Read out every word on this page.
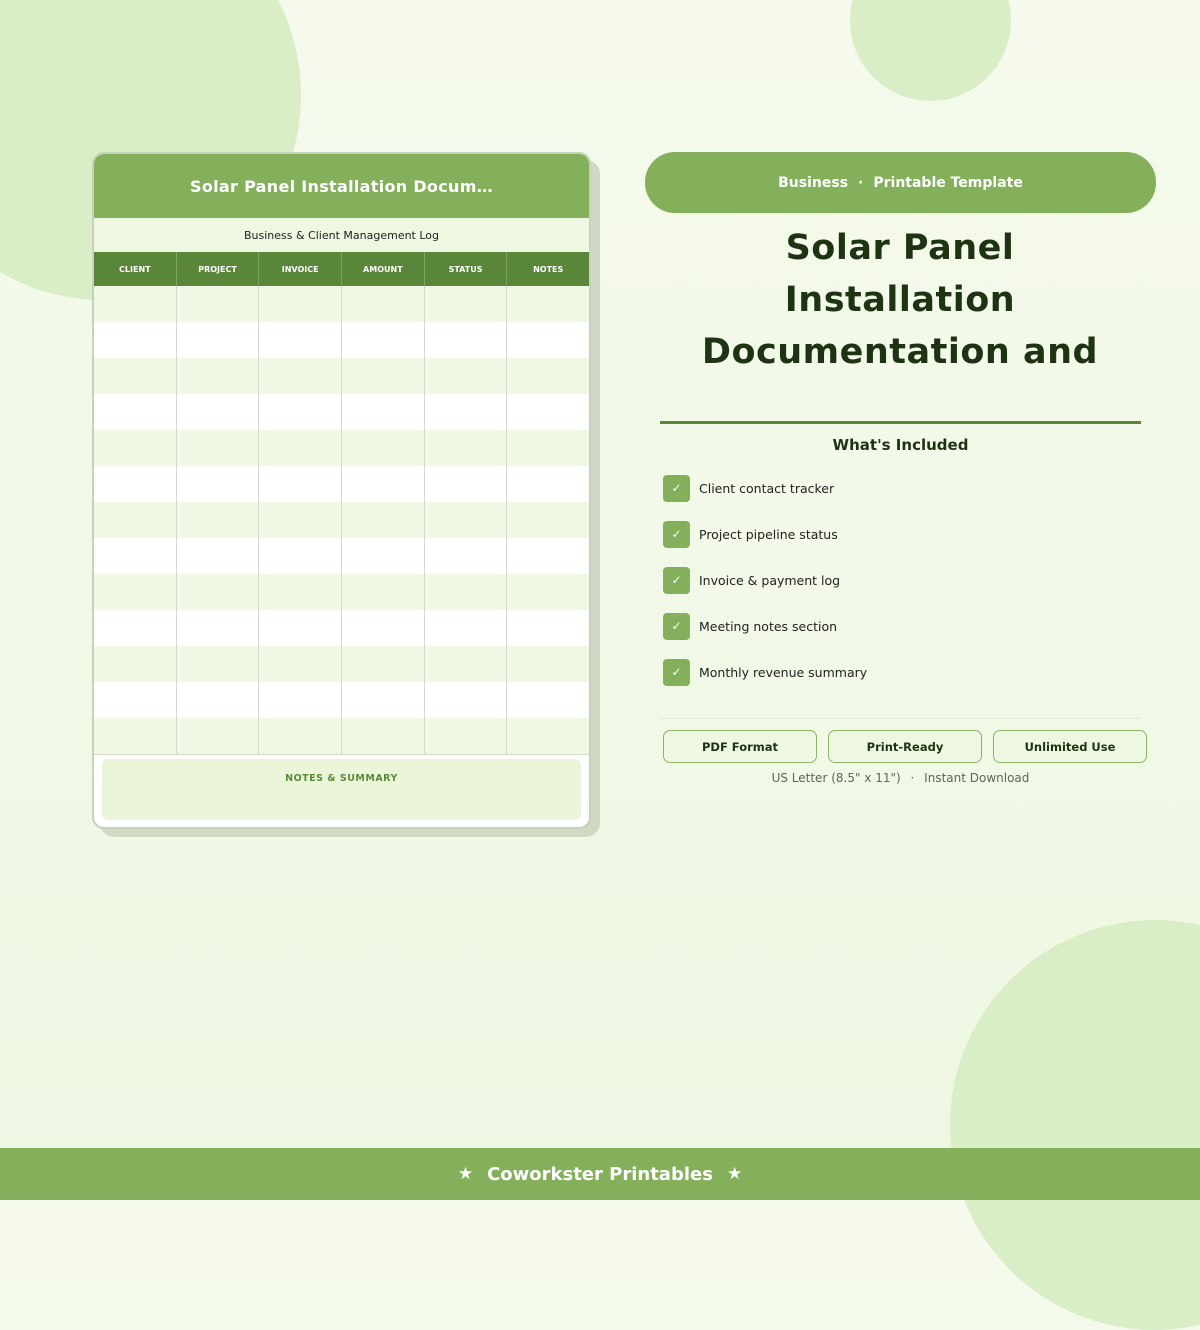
Solar Panel Installation Docum…
Business & Client Management Log
CLIENT	PROJECT	INVOICE	AMOUNT	STATUS	NOTES
NOTES & SUMMARY
Business · Printable Template
Solar Panel
Installation
Documentation and
What's Included
✓	Client contact tracker
✓	Project pipeline status
✓	Invoice & payment log
✓	Meeting notes section
✓	Monthly revenue summary
PDF Format	Print-Ready	Unlimited Use
US Letter (8.5" x 11") · Instant Download
★ Coworkster Printables ★
